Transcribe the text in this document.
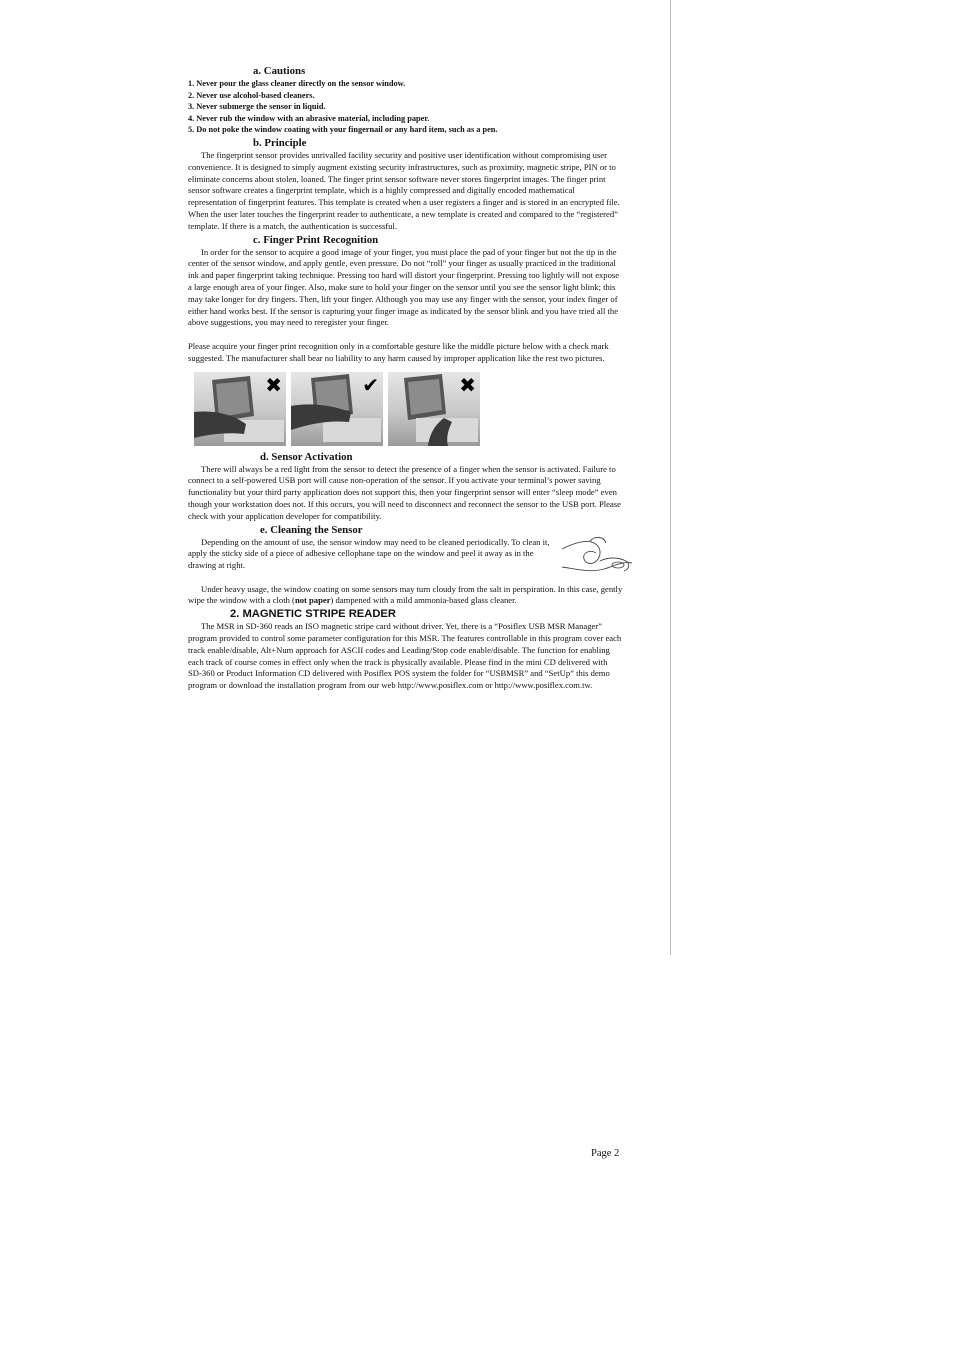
a. Cautions

1. Never pour the glass cleaner directly on the sensor window.
2. Never use alcohol-based cleaners.
3. Never submerge the sensor in liquid.
4. Never rub the window with an abrasive material, including paper.
5. Do not poke the window coating with your fingernail or any hard item, such as a pen.

b. Principle

The fingerprint sensor provides unrivalled facility security and positive user identification without compromising user convenience. It is designed to simply augment existing security infrastructures, such as proximity, magnetic stripe, PIN or to eliminate concerns about stolen, loaned. The finger print sensor software never stores fingerprint images. The finger print sensor software creates a fingerprint template, which is a highly compressed and digitally encoded mathematical representation of fingerprint features. This template is created when a user registers a finger and is stored in an encrypted file. When the user later touches the fingerprint reader to authenticate, a new template is created and compared to the “registered” template. If there is a match, the authentication is successful.

c. Finger Print Recognition

In order for the sensor to acquire a good image of your finger, you must place the pad of your finger but not the tip in the center of the sensor window, and apply gentle, even pressure. Do not “roll” your finger as usually practiced in the traditional ink and paper fingerprint taking technique. Pressing too hard will distort your fingerprint. Pressing too lightly will not expose a large enough area of your finger. Also, make sure to hold your finger on the sensor until you see the sensor light blink; this may take longer for dry fingers. Then, lift your finger. Although you may use any finger with the sensor, your index finger of either hand works best. If the sensor is capturing your finger image as indicated by the sensor blink and you have tried all the above suggestions, you may need to reregister your finger.

Please acquire your finger print recognition only in a comfortable gesture like the middle picture below with a check mark suggested. The manufacturer shall bear no liability to any harm caused by improper application like the rest two pictures.

✖	✔	✖

d. Sensor Activation

There will always be a red light from the sensor to detect the presence of a finger when the sensor is activated. Failure to connect to a self-powered USB port will cause non-operation of the sensor. If you activate your terminal’s power saving functionality but your third party application does not support this, then your fingerprint sensor will enter “sleep mode” even though your workstation does not. If this occurs, you will need to disconnect and reconnect the sensor to the USB port. Please check with your application developer for compatibility.

e. Cleaning the Sensor

Depending on the amount of use, the sensor window may need to be cleaned periodically. To clean it, apply the sticky side of a piece of adhesive cellophane tape on the window and peel it away as in the drawing at right.

Under heavy usage, the window coating on some sensors may turn cloudy from the salt in perspiration. In this case, gently wipe the window with a cloth (not paper) dampened with a mild ammonia-based glass cleaner.

2. MAGNETIC STRIPE READER

The MSR in SD-360 reads an ISO magnetic stripe card without driver. Yet, there is a “Posiflex USB MSR Manager” program provided to control some parameter configuration for this MSR. The features controllable in this program cover each track enable/disable, Alt+Num approach for ASCII codes and Leading/Stop code enable/disable. The function for enabling each track of course comes in effect only when the track is physically available. Please find in the mini CD delivered with SD-360 or Product Information CD delivered with Posiflex POS system the folder for “USBMSR” and “SetUp” this demo program or download the installation program from our web http://www.posiflex.com or http://www.posiflex.com.tw.

Page 2
